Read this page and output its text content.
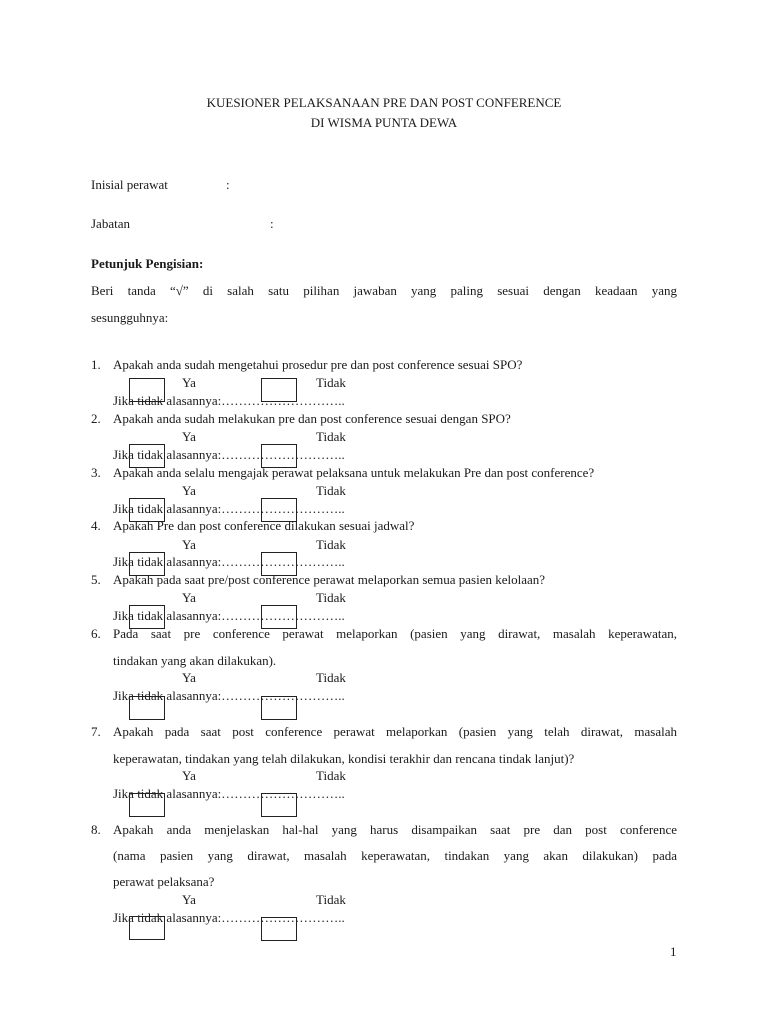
KUESIONER PELAKSANAAN PRE DAN POST CONFERENCE
DI WISMA PUNTA DEWA
Inisial perawat	:
Jabatan	:
Petunjuk Pengisian:
Beri tanda “√” di salah satu pilihan jawaban yang paling sesuai dengan keadaan yang
sesungguhnya:
1. Apakah anda sudah mengetahui prosedur pre dan post conference sesuai SPO?
Ya	Tidak
Jika tidak alasannya:………………………..
2. Apakah anda sudah melakukan pre dan post conference sesuai dengan SPO?
Ya	Tidak
Jika tidak alasannya:………………………..
3. Apakah anda selalu mengajak perawat pelaksana untuk melakukan Pre dan post conference?
Ya	Tidak
Jika tidak alasannya:………………………..
4. Apakah Pre dan post conference dilakukan sesuai jadwal?
Ya	Tidak
Jika tidak alasannya:………………………..
5. Apakah pada saat pre/post conference perawat melaporkan semua pasien kelolaan?
Ya	Tidak
Jika tidak alasannya:………………………..
6. Pada saat pre conference perawat melaporkan (pasien yang dirawat, masalah keperawatan,
tindakan yang akan dilakukan).
Ya	Tidak
Jika tidak alasannya:………………………..
7. Apakah pada saat post conference perawat melaporkan (pasien yang telah dirawat, masalah
keperawatan, tindakan yang telah dilakukan, kondisi terakhir dan rencana tindak lanjut)?
Ya	Tidak
Jika tidak alasannya:………………………..
8. Apakah anda menjelaskan hal-hal yang harus disampaikan saat pre dan post conference
(nama pasien yang dirawat, masalah keperawatan, tindakan yang akan dilakukan) pada
perawat pelaksana?
Ya	Tidak
Jika tidak alasannya:………………………..
1
